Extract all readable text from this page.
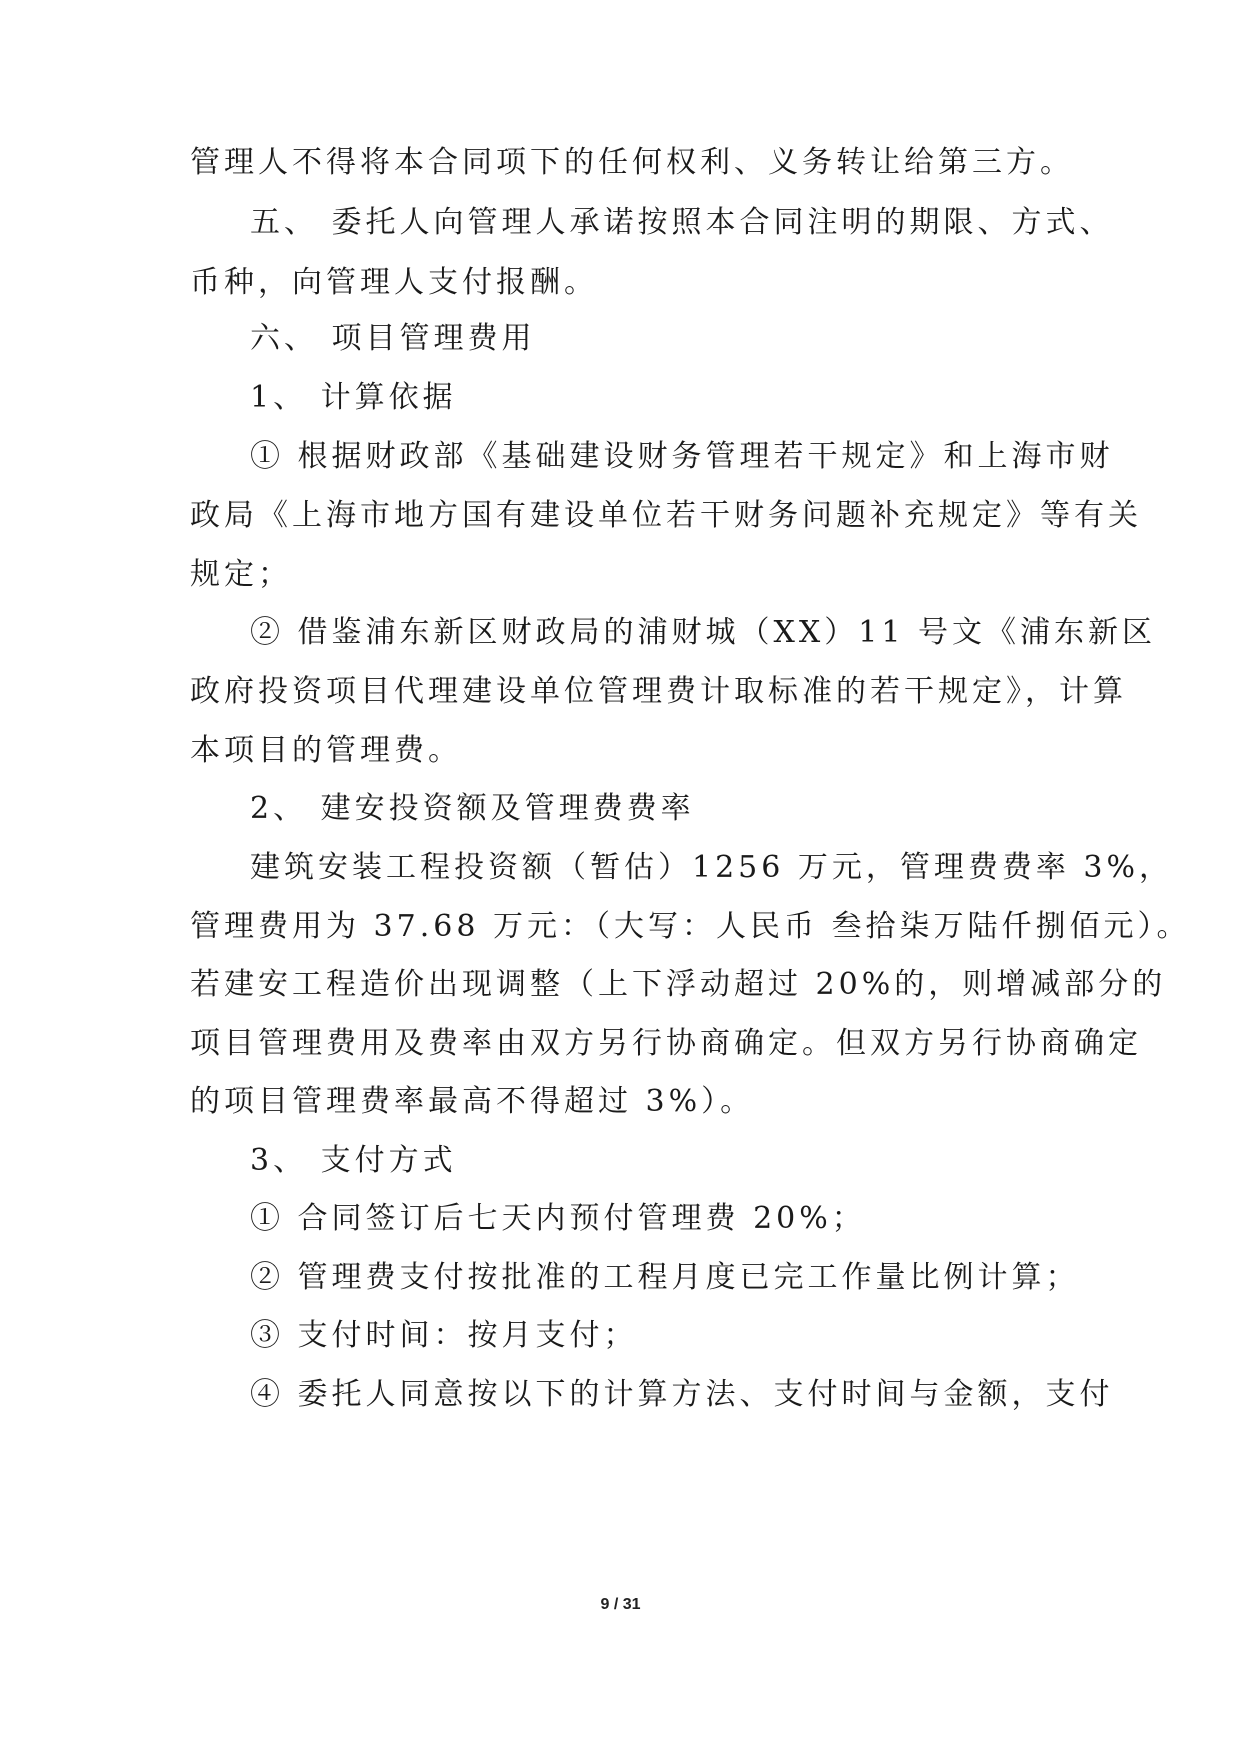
管理人不得将本合同项下的任何权利、义务转让给第三方。
五、 委托人向管理人承诺按照本合同注明的期限、方式、
币种，向管理人支付报酬。
六、 项目管理费用
1、 计算依据
① 根据财政部《基础建设财务管理若干规定》和上海市财
政局《上海市地方国有建设单位若干财务问题补充规定》等有关
规定；
② 借鉴浦东新区财政局的浦财城（XX）11 号文《浦东新区
政府投资项目代理建设单位管理费计取标准的若干规定》，计算
本项目的管理费。
2、 建安投资额及管理费费率
建筑安装工程投资额（暂估）1256 万元，管理费费率 3%，
管理费用为 37.68 万元：（大写：人民币 叁拾柒万陆仟捌佰元）。
若建安工程造价出现调整（上下浮动超过 20%的，则增减部分的
项目管理费用及费率由双方另行协商确定。但双方另行协商确定
的项目管理费率最高不得超过 3%）。
3、 支付方式
① 合同签订后七天内预付管理费 20%；
② 管理费支付按批准的工程月度已完工作量比例计算；
③ 支付时间：按月支付；
④ 委托人同意按以下的计算方法、支付时间与金额，支付
9 / 31
